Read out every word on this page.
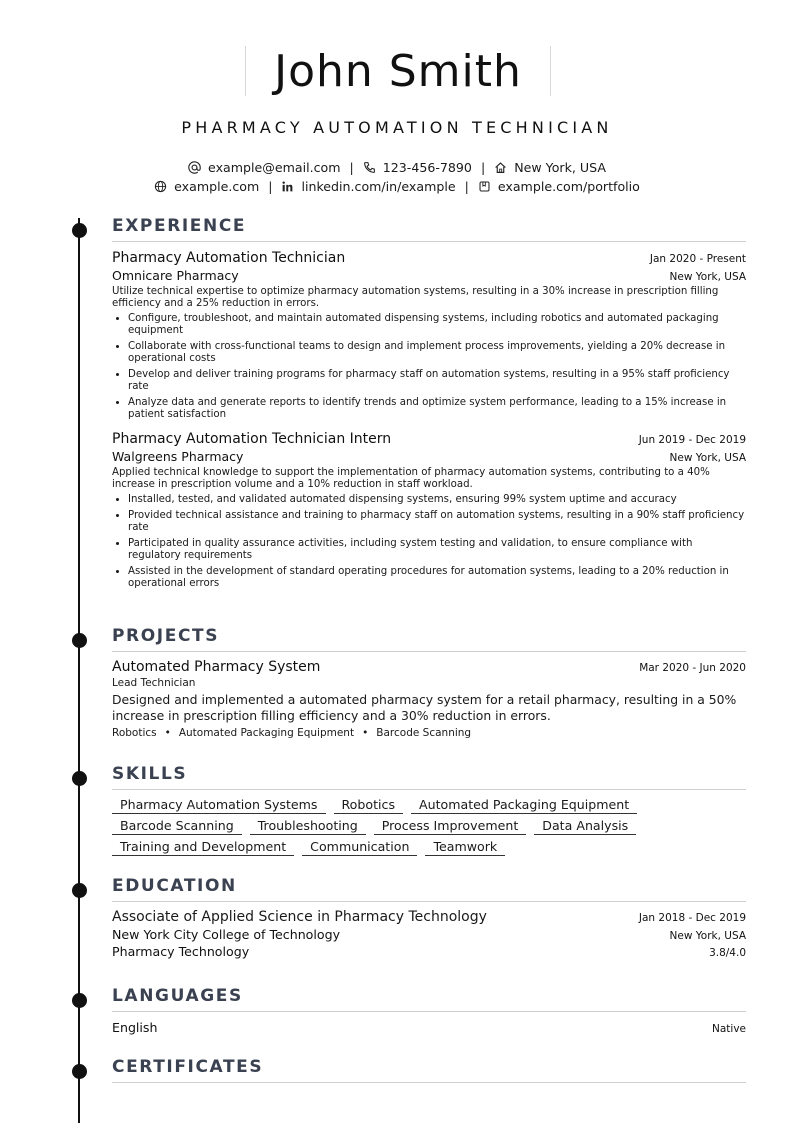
John Smith
PHARMACY AUTOMATION TECHNICIAN
example@email.com | 123-456-7890 | New York, USA
example.com | linkedin.com/in/example | example.com/portfolio
EXPERIENCE
Pharmacy Automation Technician	Jan 2020 - Present
Omnicare Pharmacy	New York, USA
Utilize technical expertise to optimize pharmacy automation systems, resulting in a 30% increase in prescription filling efficiency and a 25% reduction in errors.
• Configure, troubleshoot, and maintain automated dispensing systems, including robotics and automated packaging equipment
• Collaborate with cross-functional teams to design and implement process improvements, yielding a 20% decrease in operational costs
• Develop and deliver training programs for pharmacy staff on automation systems, resulting in a 95% staff proficiency rate
• Analyze data and generate reports to identify trends and optimize system performance, leading to a 15% increase in patient satisfaction
Pharmacy Automation Technician Intern	Jun 2019 - Dec 2019
Walgreens Pharmacy	New York, USA
Applied technical knowledge to support the implementation of pharmacy automation systems, contributing to a 40% increase in prescription volume and a 10% reduction in staff workload.
• Installed, tested, and validated automated dispensing systems, ensuring 99% system uptime and accuracy
• Provided technical assistance and training to pharmacy staff on automation systems, resulting in a 90% staff proficiency rate
• Participated in quality assurance activities, including system testing and validation, to ensure compliance with regulatory requirements
• Assisted in the development of standard operating procedures for automation systems, leading to a 20% reduction in operational errors
PROJECTS
Automated Pharmacy System	Mar 2020 - Jun 2020
Lead Technician
Designed and implemented a automated pharmacy system for a retail pharmacy, resulting in a 50% increase in prescription filling efficiency and a 30% reduction in errors.
Robotics • Automated Packaging Equipment • Barcode Scanning
SKILLS
Pharmacy Automation Systems	Robotics	Automated Packaging Equipment
Barcode Scanning	Troubleshooting	Process Improvement	Data Analysis
Training and Development	Communication	Teamwork
EDUCATION
Associate of Applied Science in Pharmacy Technology	Jan 2018 - Dec 2019
New York City College of Technology	New York, USA
Pharmacy Technology	3.8/4.0
LANGUAGES
English	Native
CERTIFICATES
